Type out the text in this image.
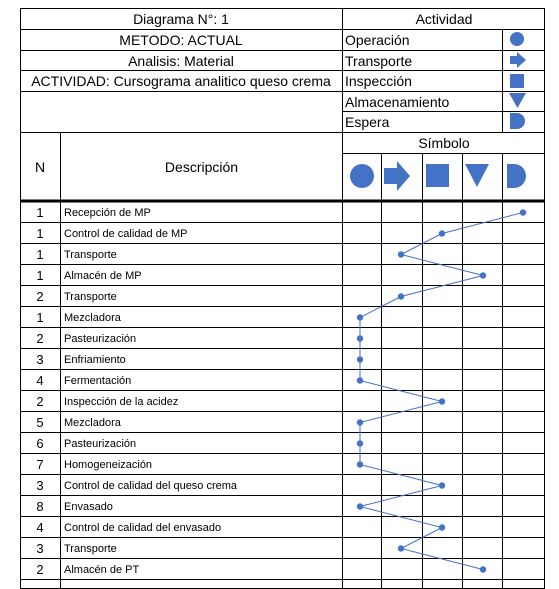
Diagrama N°: 1
METODO: ACTUAL
Analisis: Material
ACTIVIDAD: Cursograma analitico queso crema
Actividad
Operación
Transporte
Inspección
Almacenamiento
Espera
N	Descripción
Símbolo
1	Recepción de MP
1	Control de calidad de MP
1	Transporte
1	Almacén de MP
2	Transporte
1	Mezcladora
2	Pasteurización
3	Enfriamiento
4	Fermentación
2	Inspección de la acidez
5	Mezcladora
6	Pasteurización
7	Homogeneización
3	Control de calidad del queso crema
8	Envasado
4	Control de calidad del envasado
3	Transporte
2	Almacén de PT
